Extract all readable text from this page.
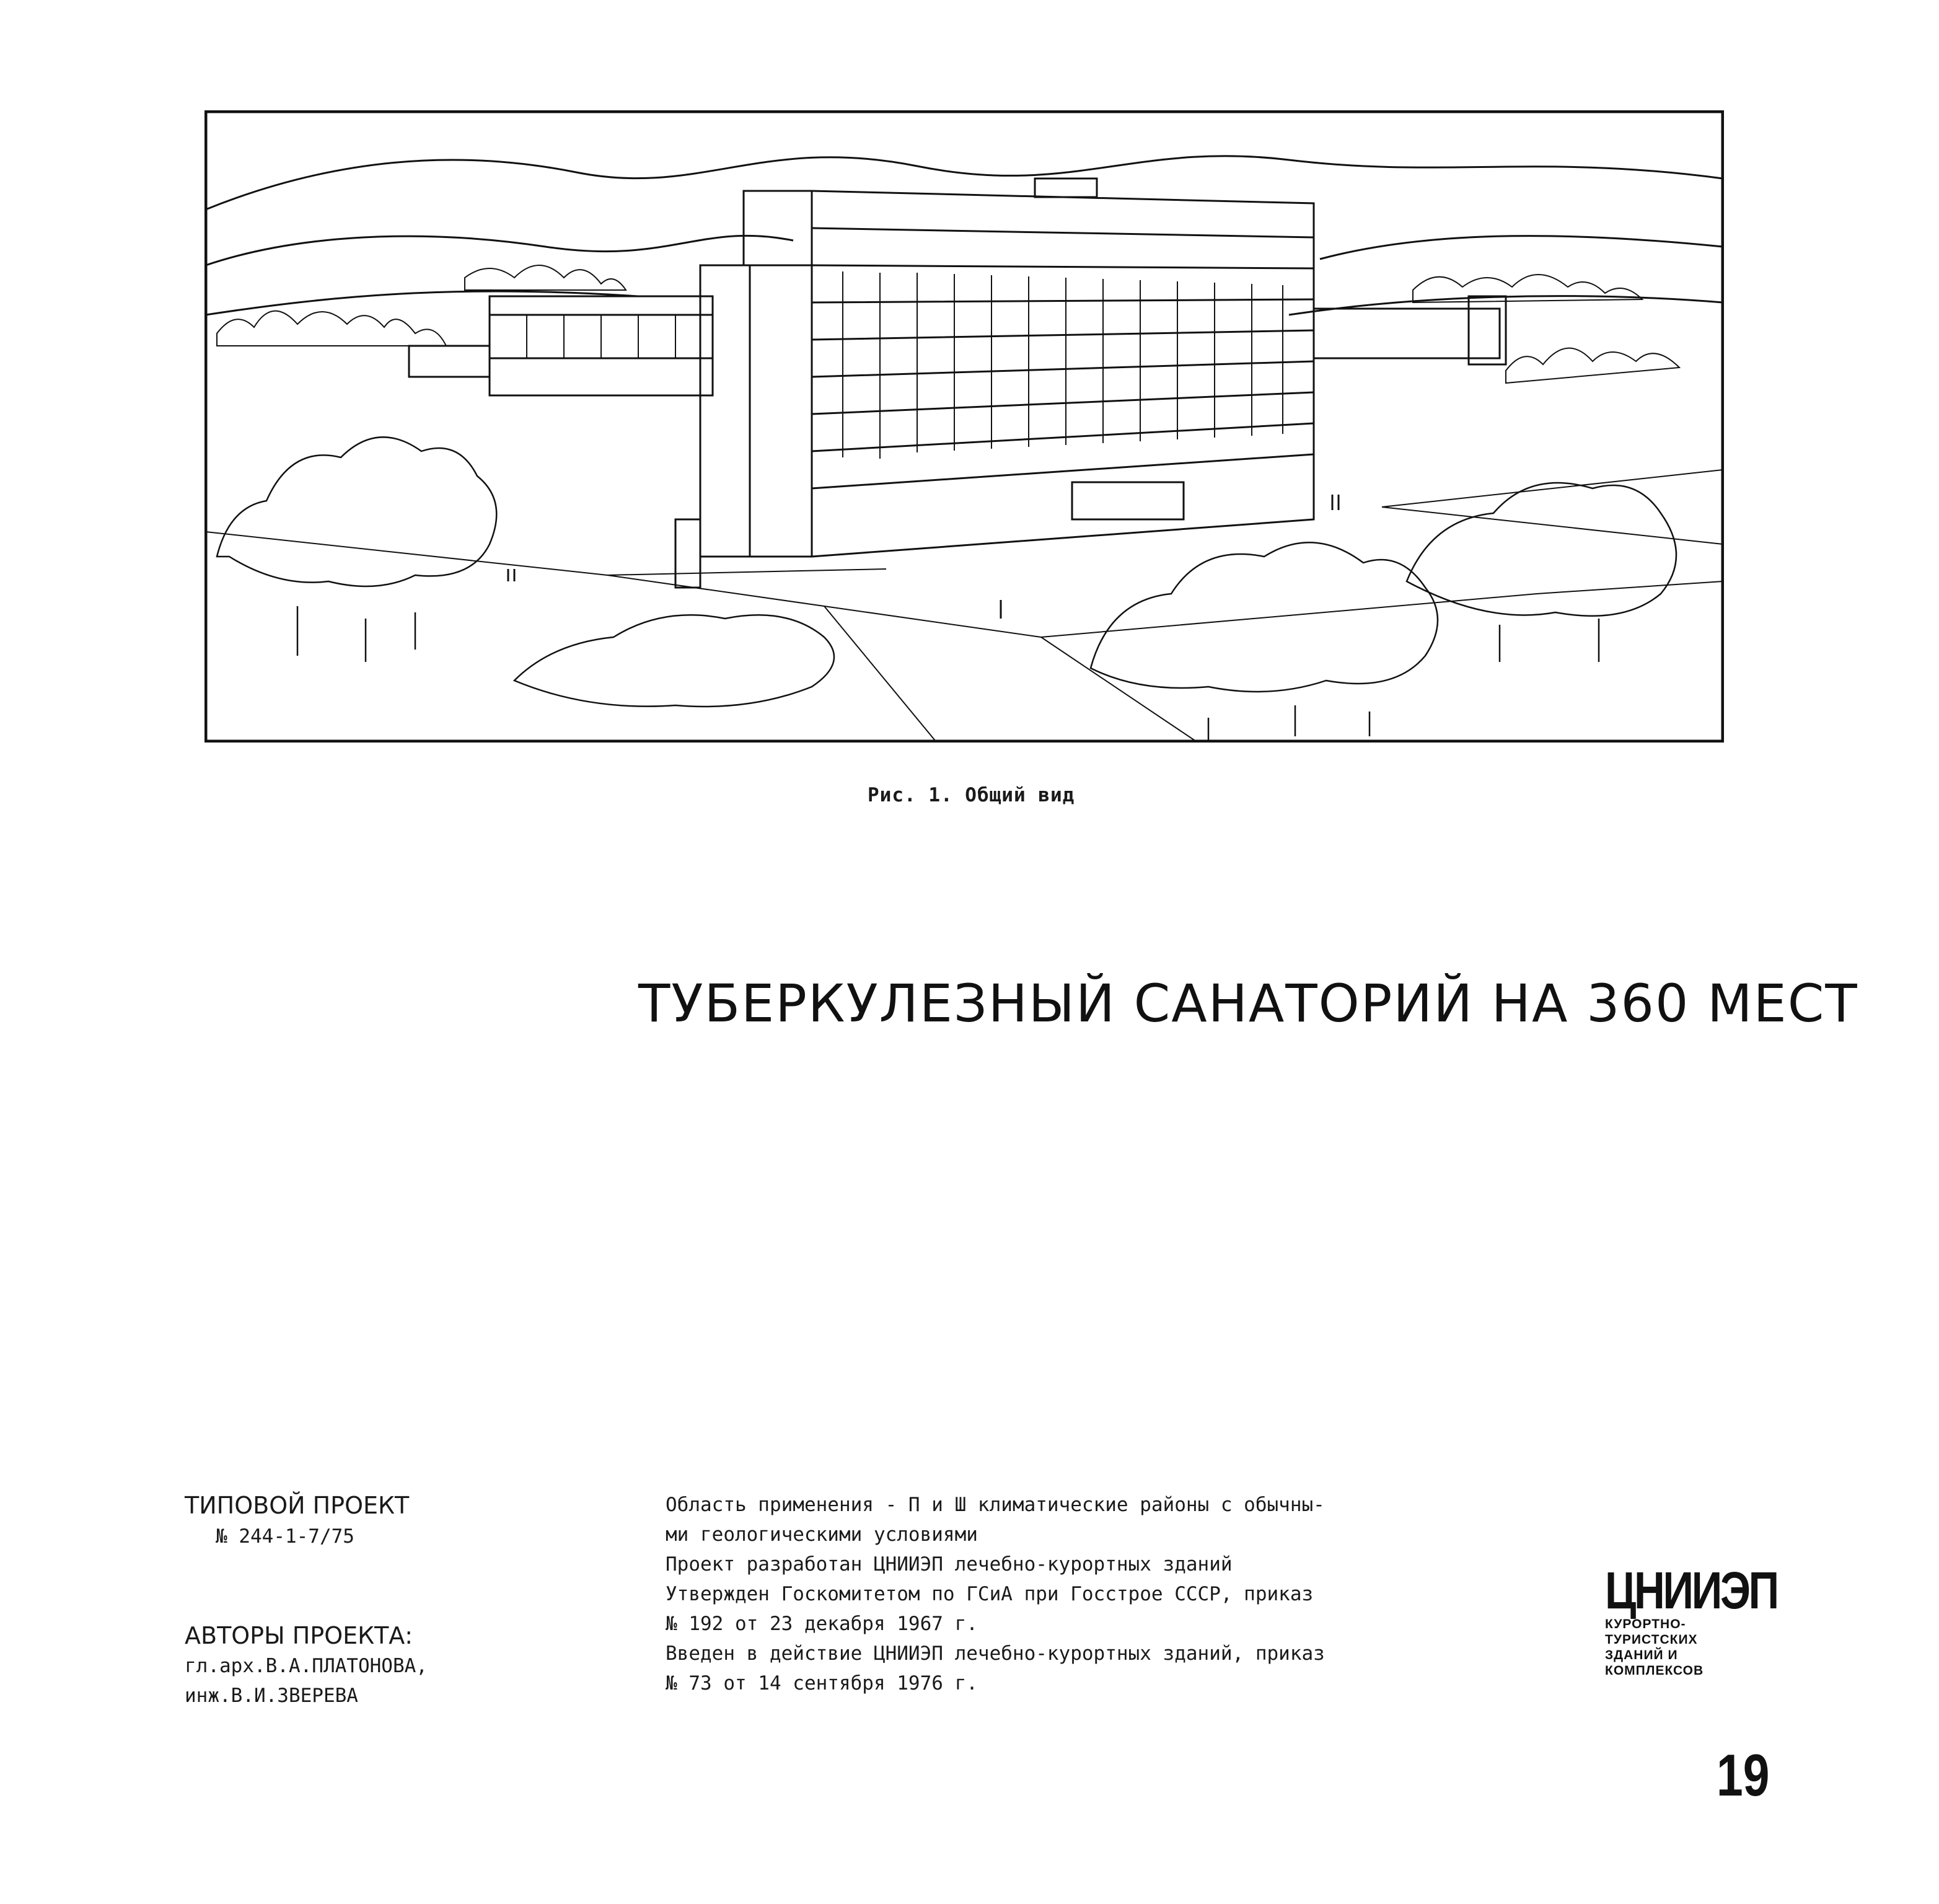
Рис. 1. Общий вид
ТУБЕРКУЛЕЗНЫЙ САНАТОРИЙ НА 360 МЕСТ
ТИПОВОЙ ПРОЕКТ
№ 244-1-7/75
АВТОРЫ ПРОЕКТА:
гл.арх.В.А.ПЛАТОНОВА,
инж.В.И.ЗВЕРЕВА
Область применения - П и Ш климатические районы с обычны-
ми геологическими условиями
Проект разработан ЦНИИЭП лечебно-курортных зданий
Утвержден Госкомитетом по ГСиА при Госстрое СССР, приказ
№ 192 от 23 декабря 1967 г.
Введен в действие ЦНИИЭП лечебно-курортных зданий, приказ
№ 73 от 14 сентября 1976 г.
ЦНИИЭП
КУРОРТНО-
ТУРИСТСКИХ
ЗДАНИЙ И
КОМПЛЕКСОВ
19
